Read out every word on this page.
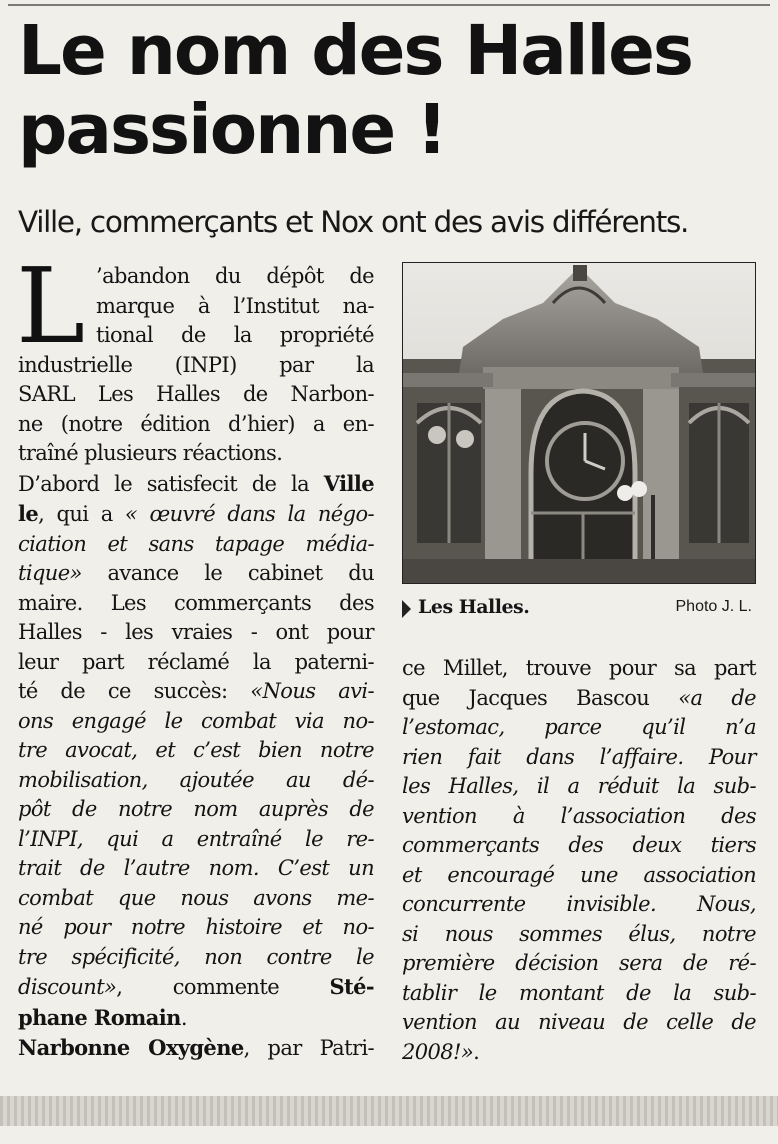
Le nom des Halles
passionne !
Ville, commerçants et Nox ont des avis différents.
L ’abandon du dépôt de
marque à l’Institut na-
tional de la propriété
industrielle (INPI) par la
SARL Les Halles de Narbon-
ne (notre édition d’hier) a en-
traîné plusieurs réactions.
D’abord le satisfecit de la Ville
le, qui a « œuvré dans la négo-
ciation et sans tapage média-
tique» avance le cabinet du
maire. Les commerçants des
Halles - les vraies - ont pour
leur part réclamé la paterni-
té de ce succès: «Nous avi-
ons engagé le combat via no-
tre avocat, et c’est bien notre
mobilisation, ajoutée au dé-
pôt de notre nom auprès de
l’INPI, qui a entraîné le re-
trait de l’autre nom. C’est un
combat que nous avons me-
né pour notre histoire et no-
tre spécificité, non contre le
discount», commente Sté-
phane Romain.
Narbonne Oxygène, par Patri-
Les Halles.	Photo J. L.
ce Millet, trouve pour sa part
que Jacques Bascou «a de
l’estomac, parce qu’il n’a
rien fait dans l’affaire. Pour
les Halles, il a réduit la sub-
vention à l’association des
commerçants des deux tiers
et encouragé une association
concurrente invisible. Nous,
si nous sommes élus, notre
première décision sera de ré-
tablir le montant de la sub-
vention au niveau de celle de
2008!».
